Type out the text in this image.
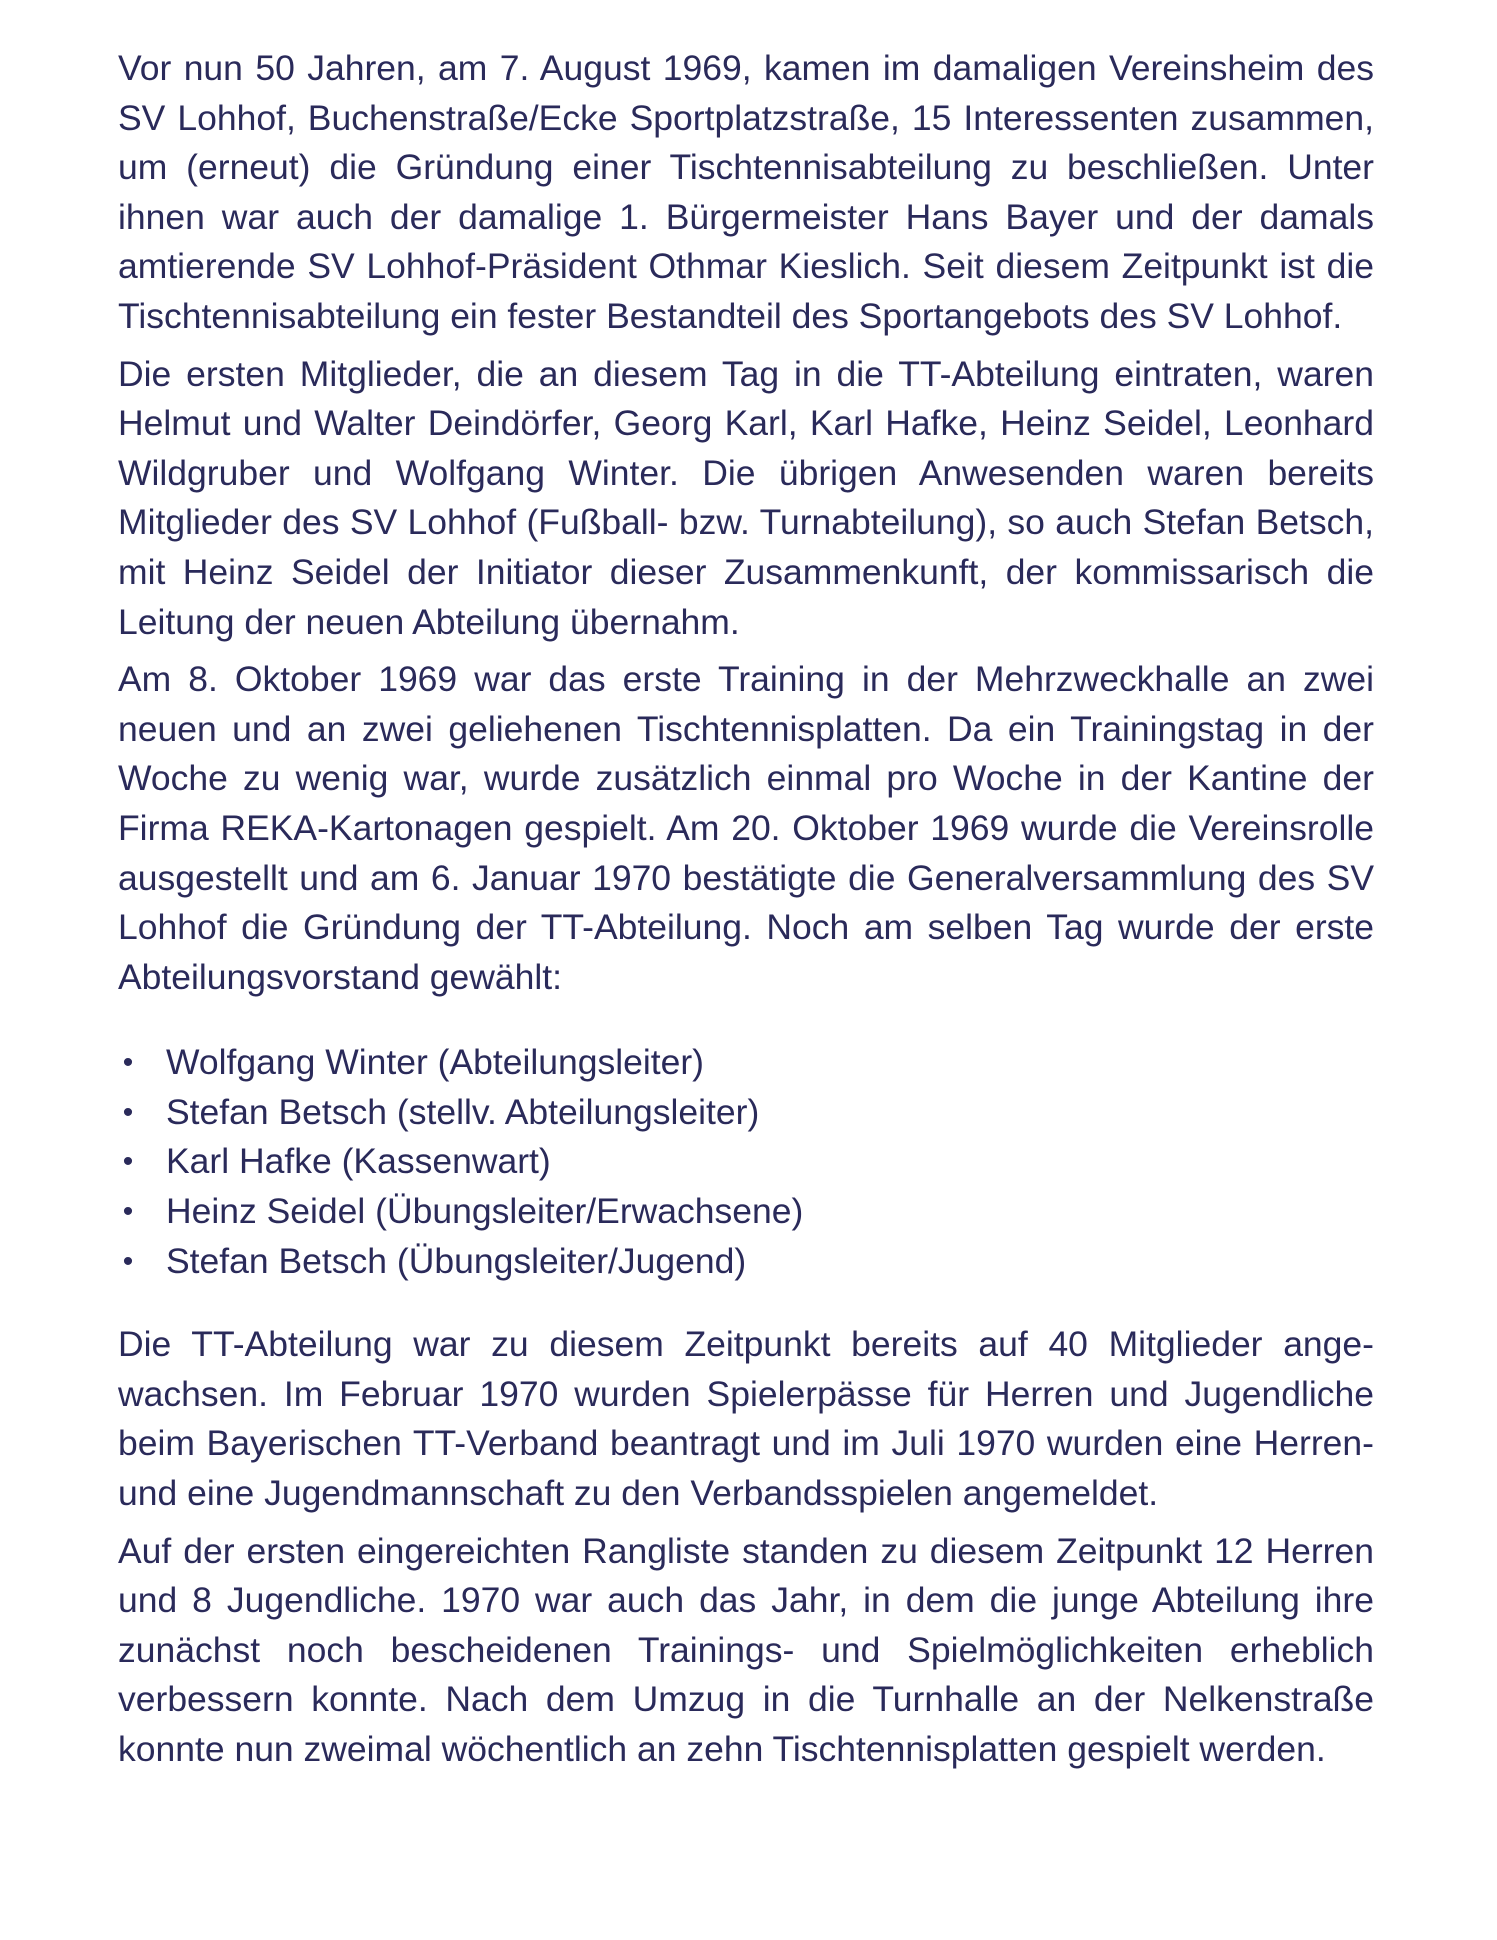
Vor nun 50 Jahren, am 7. August 1969, kamen im damaligen Vereinsheim des SV Lohhof, Buchenstraße/Ecke Sportplatzstraße, 15 Interessenten zusammen, um (erneut) die Gründung einer Tischtennisabteilung zu beschließen. Unter ihnen war auch der damalige 1. Bürgermeister Hans Bayer und der damals amtierende SV Lohhof-Präsident Othmar Kieslich. Seit diesem Zeitpunkt ist die Tischtennisabteilung ein fester Bestandteil des Sportangebots des SV Lohhof.

Die ersten Mitglieder, die an diesem Tag in die TT-Abteilung eintraten, waren Helmut und Walter Deindörfer, Georg Karl, Karl Hafke, Heinz Seidel, Leonhard Wildgruber und Wolfgang Winter. Die übrigen Anwesenden waren bereits Mitglieder des SV Lohhof (Fußball- bzw. Turnabteilung), so auch Stefan Betsch, mit Heinz Seidel der Initiator dieser Zusammenkunft, der kommissarisch die Leitung der neuen Abteilung übernahm.

Am 8. Oktober 1969 war das erste Training in der Mehrzweckhalle an zwei neuen und an zwei geliehenen Tischtennisplatten. Da ein Trainingstag in der Woche zu wenig war, wurde zusätzlich einmal pro Woche in der Kantine der Firma REKA-Kartonagen gespielt. Am 20. Oktober 1969 wurde die Vereinsrolle ausgestellt und am 6. Januar 1970 bestätigte die Generalversammlung des SV Lohhof die Gründung der TT-Abteilung. Noch am selben Tag wurde der erste Abteilungsvorstand gewählt:

• Wolfgang Winter (Abteilungsleiter)
• Stefan Betsch (stellv. Abteilungsleiter)
• Karl Hafke (Kassenwart)
• Heinz Seidel (Übungsleiter/Erwachsene)
• Stefan Betsch (Übungsleiter/Jugend)

Die TT-Abteilung war zu diesem Zeitpunkt bereits auf 40 Mitglieder angewachsen. Im Februar 1970 wurden Spielerpässe für Herren und Jugendliche beim Bayerischen TT-Verband beantragt und im Juli 1970 wurden eine Herren- und eine Jugendmannschaft zu den Verbandsspielen angemeldet.

Auf der ersten eingereichten Rangliste standen zu diesem Zeitpunkt 12 Herren und 8 Jugendliche. 1970 war auch das Jahr, in dem die junge Abteilung ihre zunächst noch bescheidenen Trainings- und Spielmöglichkeiten erheblich verbessern konnte. Nach dem Umzug in die Turnhalle an der Nelkenstraße konnte nun zweimal wöchentlich an zehn Tischtennisplatten gespielt werden.
